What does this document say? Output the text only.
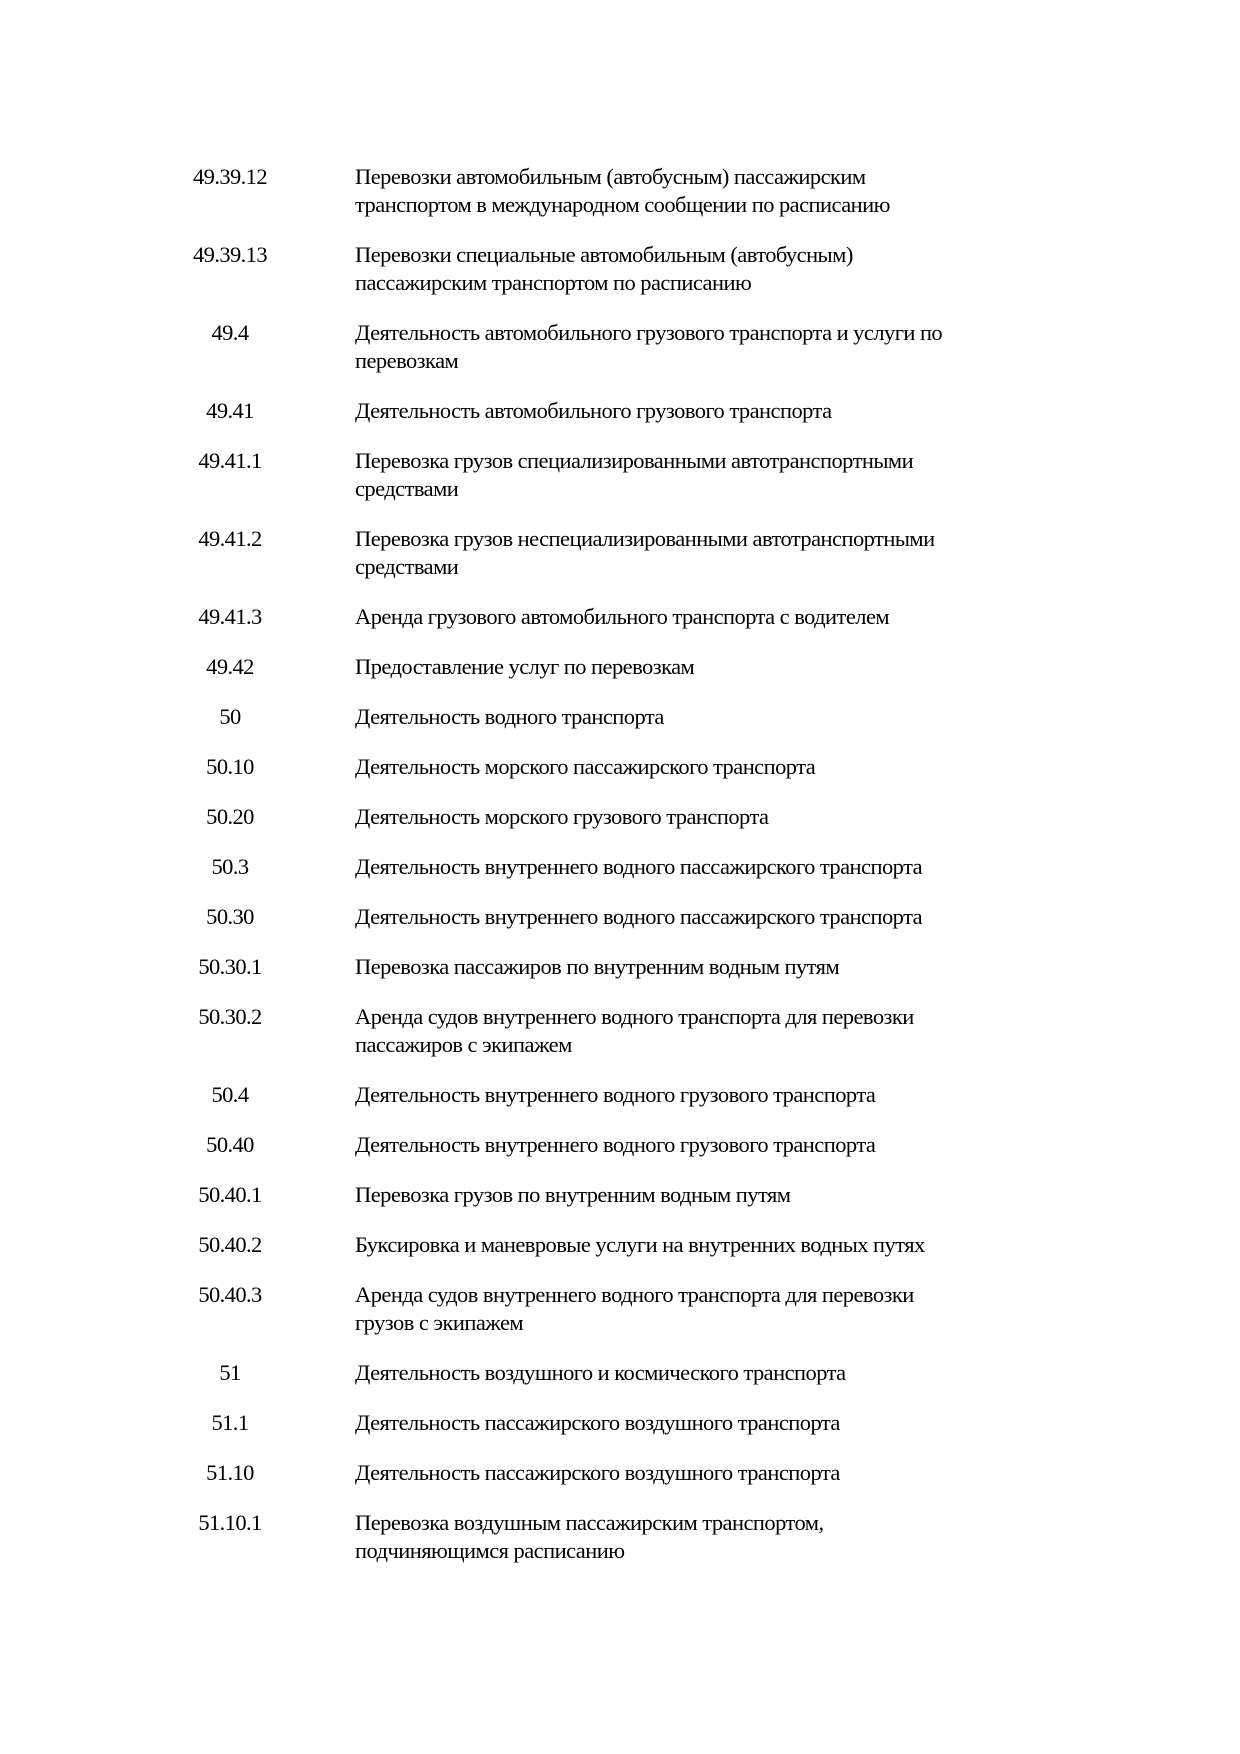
49.39.12	Перевозки автомобильным (автобусным) пассажирским
транспортом в международном сообщении по расписанию
49.39.13	Перевозки специальные автомобильным (автобусным)
пассажирским транспортом по расписанию
49.4	Деятельность автомобильного грузового транспорта и услуги по
перевозкам
49.41	Деятельность автомобильного грузового транспорта
49.41.1	Перевозка грузов специализированными автотранспортными
средствами
49.41.2	Перевозка грузов неспециализированными автотранспортными
средствами
49.41.3	Аренда грузового автомобильного транспорта с водителем
49.42	Предоставление услуг по перевозкам
50	Деятельность водного транспорта
50.10	Деятельность морского пассажирского транспорта
50.20	Деятельность морского грузового транспорта
50.3	Деятельность внутреннего водного пассажирского транспорта
50.30	Деятельность внутреннего водного пассажирского транспорта
50.30.1	Перевозка пассажиров по внутренним водным путям
50.30.2	Аренда судов внутреннего водного транспорта для перевозки
пассажиров с экипажем
50.4	Деятельность внутреннего водного грузового транспорта
50.40	Деятельность внутреннего водного грузового транспорта
50.40.1	Перевозка грузов по внутренним водным путям
50.40.2	Буксировка и маневровые услуги на внутренних водных путях
50.40.3	Аренда судов внутреннего водного транспорта для перевозки
грузов с экипажем
51	Деятельность воздушного и космического транспорта
51.1	Деятельность пассажирского воздушного транспорта
51.10	Деятельность пассажирского воздушного транспорта
51.10.1	Перевозка воздушным пассажирским транспортом,
подчиняющимся расписанию
